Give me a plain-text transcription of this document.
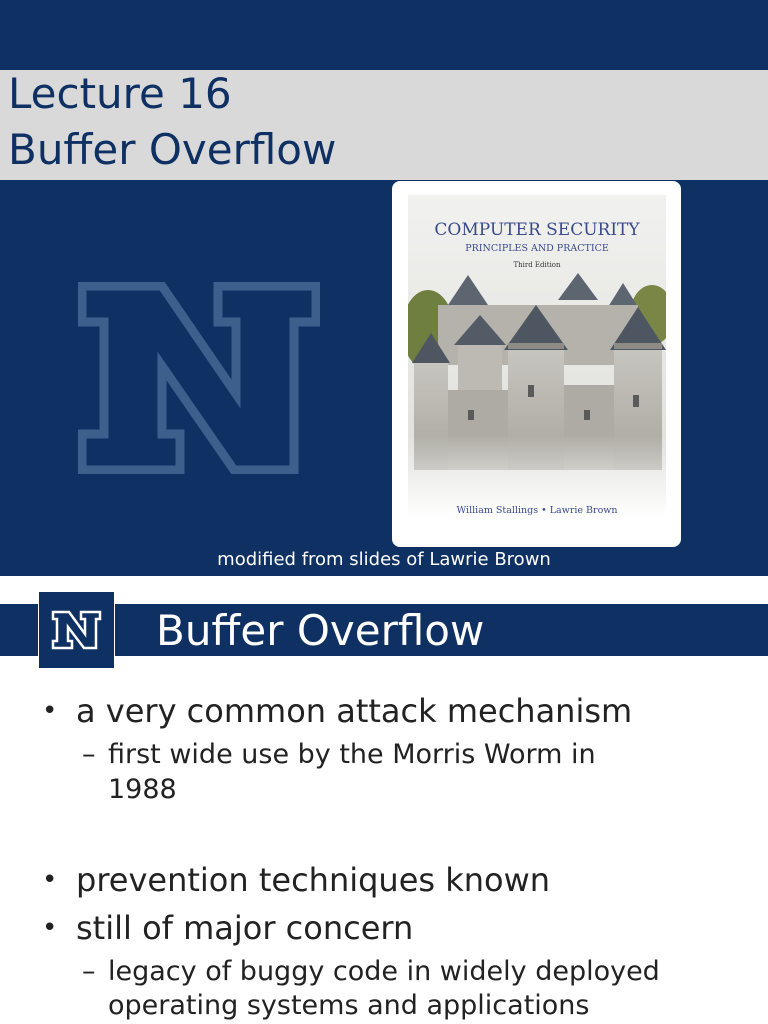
Lecture 16
Buffer Overflow
COMPUTER SECURITY
PRINCIPLES AND PRACTICE
Third Edition
William Stallings • Lawrie Brown
modified from slides of Lawrie Brown
Buffer Overflow
• a very common attack mechanism
– first wide use by the Morris Worm in
1988
• prevention techniques known
• still of major concern
– legacy of buggy code in widely deployed
operating systems and applications
